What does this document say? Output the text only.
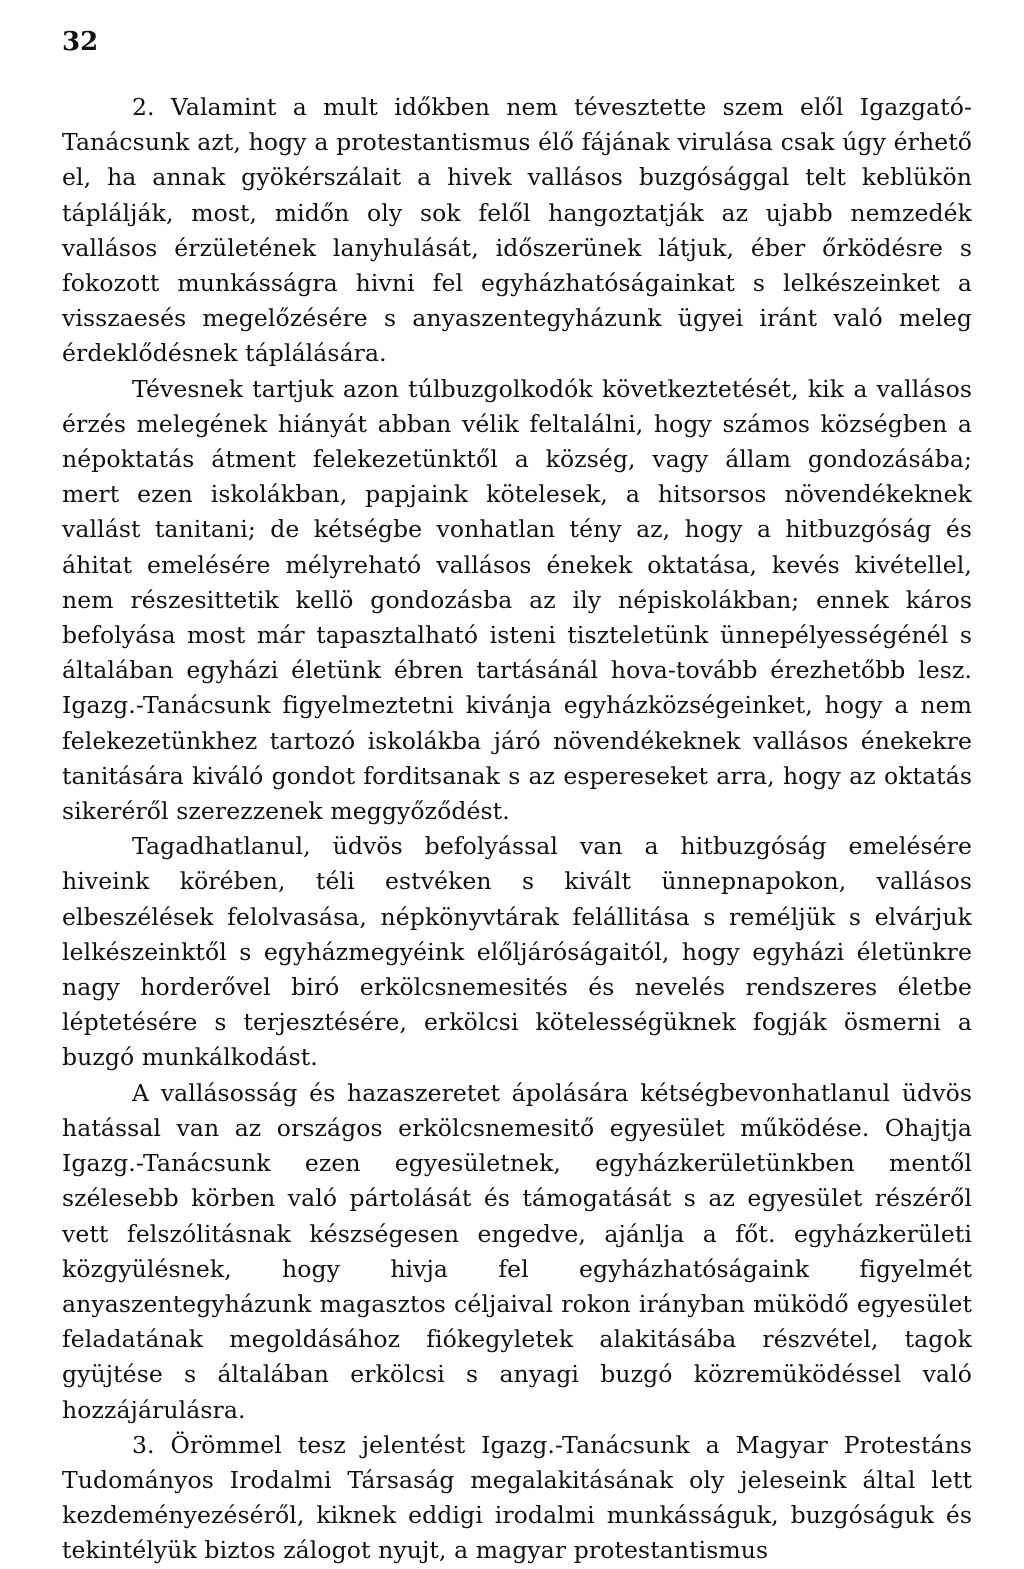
32

2. Valamint a mult időkben nem tévesztette szem elől Igazgató-Tanácsunk azt, hogy a protestantismus élő fájának virulása csak úgy érhető el, ha annak gyökérszálait a hivek vallásos buzgósággal telt keblükön táplálják, most, midőn oly sok felől hangoztatják az ujabb nemzedék vallásos érzületének lanyhulását, időszerünek látjuk, éber őrködésre s fokozott munkásságra hivni fel egyházhatóságainkat s lelkészeinket a visszaesés megelőzésére s anyaszentegyházunk ügyei iránt való meleg érdeklődésnek táplálására.

Tévesnek tartjuk azon túlbuzgolkodók következtetését, kik a vallásos érzés melegének hiányát abban vélik feltalálni, hogy számos községben a népoktatás átment felekezetünktől a község, vagy állam gondozásába; mert ezen iskolákban, papjaink kötelesek, a hitsorsos növendékeknek vallást tanitani; de kétségbe vonhatlan tény az, hogy a hitbuzgóság és áhitat emelésére mélyreható vallásos énekek oktatása, kevés kivétellel, nem részesittetik kellö gondozásba az ily népiskolákban; ennek káros befolyása most már tapasztalható isteni tiszteletünk ünnepélyességénél s általában egyházi életünk ébren tartásánál hova-tovább érezhetőbb lesz. Igazg.-Tanácsunk figyelmeztetni kivánja egyházközségeinket, hogy a nem felekezetünkhez tartozó iskolákba járó növendékeknek vallásos énekekre tanitására kiváló gondot forditsanak s az espereseket arra, hogy az oktatás sikeréről szerezzenek meggyőződést.

Tagadhatlanul, üdvös befolyással van a hitbuzgóság emelésére hiveink körében, téli estvéken s kivált ünnepnapokon, vallásos elbeszélések felolvasása, népkönyvtárak felállitása s reméljük s elvárjuk lelkészeinktől s egyházmegyéink előljáróságaitól, hogy egyházi életünkre nagy horderővel biró erkölcsnemesités és nevelés rendszeres életbe léptetésére s terjesztésére, erkölcsi kötelességüknek fogják ösmerni a buzgó munkálkodást.

A vallásosság és hazaszeretet ápolására kétségbevonhatlanul üdvös hatással van az országos erkölcsnemesitő egyesület működése. Ohajtja Igazg.-Tanácsunk ezen egyesületnek, egyházkerületünkben mentől szélesebb körben való pártolását és támogatását s az egyesület részéről vett felszólitásnak készségesen engedve, ajánlja a főt. egyházkerületi közgyülésnek, hogy hivja fel egyházhatóságaink figyelmét anyaszentegyházunk magasztos céljaival rokon irányban müködő egyesület feladatának megoldásához fiókegyletek alakitásába részvétel, tagok gyüjtése s általában erkölcsi s anyagi buzgó közremüködéssel való hozzájárulásra.

3. Örömmel tesz jelentést Igazg.-Tanácsunk a Magyar Protestáns Tudományos Irodalmi Társaság megalakitásának oly jeleseink által lett kezdeményezéséről, kiknek eddigi irodalmi munkásságuk, buzgóságuk és tekintélyük biztos zálogot nyujt, a magyar protestantismus
